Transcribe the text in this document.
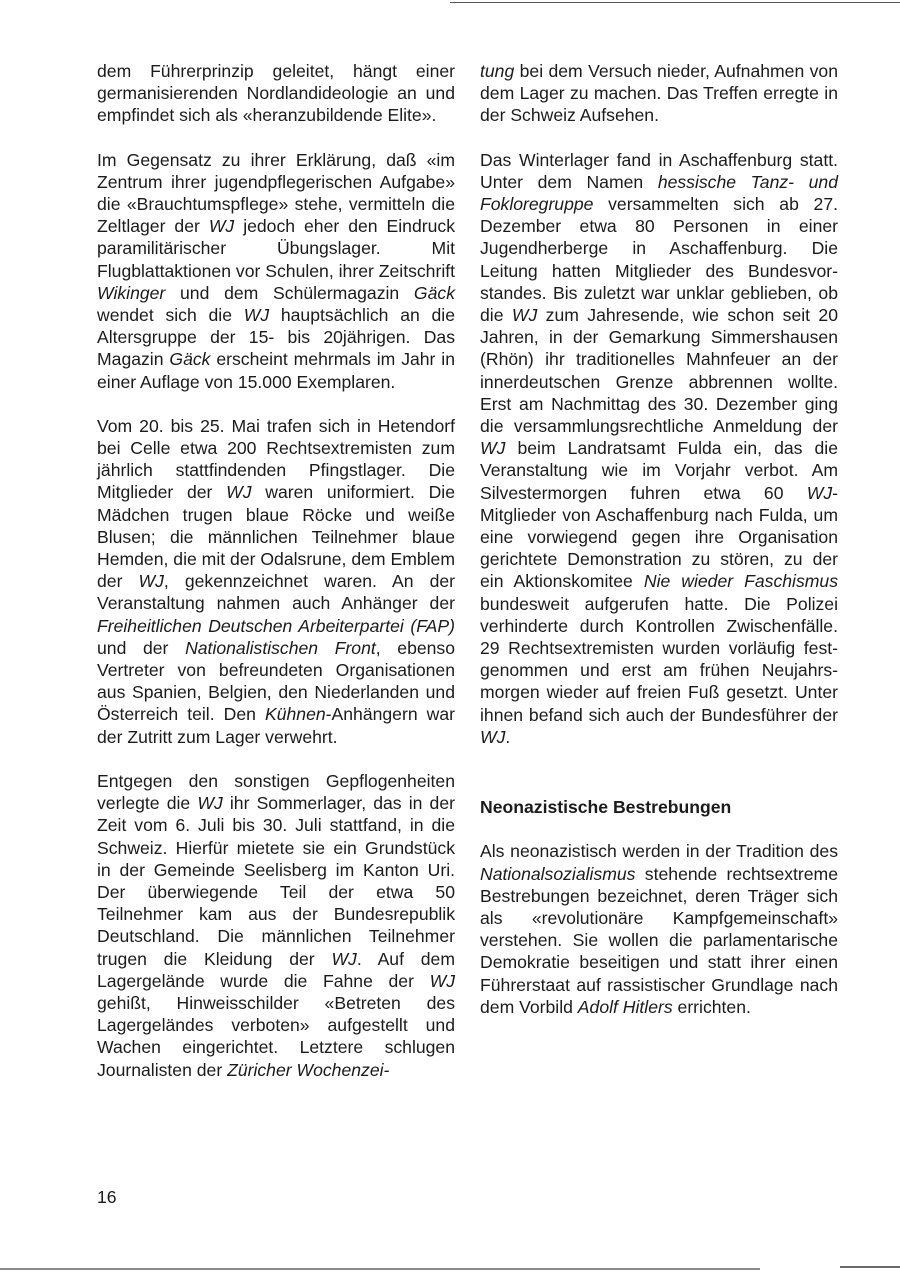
dem Führerprinzip geleitet, hängt einer germanisierenden Nordlandideologie an und empfindet sich als «heranzubildende Elite».

Im Gegensatz zu ihrer Erklärung, daß «im Zentrum ihrer jugendpflegerischen Aufgabe» die «Brauchtumspflege» stehe, vermitteln die Zeltlager der WJ jedoch eher den Eindruck paramilitärischer Übungslager. Mit Flugblattaktionen vor Schulen, ihrer Zeitschrift Wikinger und dem Schülermagazin Gäck wendet sich die WJ hauptsächlich an die Altersgruppe der 15- bis 20jährigen. Das Magazin Gäck erscheint mehrmals im Jahr in einer Auflage von 15.000 Exemplaren.

Vom 20. bis 25. Mai trafen sich in Hetendorf bei Celle etwa 200 Rechtsextremisten zum jährlich stattfindenden Pfingstlager. Die Mitglieder der WJ waren uniformiert. Die Mädchen trugen blaue Röcke und weiße Blusen; die männlichen Teilnehmer blaue Hemden, die mit der Odalsrune, dem Emblem der WJ, gekennzeichnet waren. An der Veranstaltung nahmen auch Anhänger der Freiheitlichen Deutschen Arbeiterpartei (FAP) und der Nationalistischen Front, ebenso Vertreter von befreundeten Organisationen aus Spanien, Belgien, den Niederlanden und Österreich teil. Den Kühnen-Anhängern war der Zutritt zum Lager verwehrt.

Entgegen den sonstigen Gepflogenheiten verlegte die WJ ihr Sommerlager, das in der Zeit vom 6. Juli bis 30. Juli stattfand, in die Schweiz. Hierfür mietete sie ein Grundstück in der Gemeinde Seelisberg im Kanton Uri. Der überwiegende Teil der etwa 50 Teilnehmer kam aus der Bundesrepublik Deutschland. Die männlichen Teilnehmer trugen die Kleidung der WJ. Auf dem Lagergelände wurde die Fahne der WJ gehißt, Hinweisschilder «Betreten des Lagergeländes verboten» aufgestellt und Wachen eingerichtet. Letztere schlugen Journalisten der Züricher Wochenzei-

tung bei dem Versuch nieder, Aufnahmen von dem Lager zu machen. Das Treffen erregte in der Schweiz Aufsehen.

Das Winterlager fand in Aschaffenburg statt. Unter dem Namen hessische Tanz- und Fokloregruppe versammelten sich ab 27. Dezember etwa 80 Personen in einer Jugendherberge in Aschaffenburg. Die Leitung hatten Mitglieder des Bundesvorstandes. Bis zuletzt war unklar geblieben, ob die WJ zum Jahresende, wie schon seit 20 Jahren, in der Gemarkung Simmershausen (Rhön) ihr traditionelles Mahnfeuer an der innerdeutschen Grenze abbrennen wollte. Erst am Nachmittag des 30. Dezember ging die versammlungsrechtliche Anmeldung der WJ beim Landratsamt Fulda ein, das die Veranstaltung wie im Vorjahr verbot. Am Silvestermorgen fuhren etwa 60 WJ-Mitglieder von Aschaffenburg nach Fulda, um eine vorwiegend gegen ihre Organisation gerichtete Demonstration zu stören, zu der ein Aktionskomitee Nie wieder Faschismus bundesweit aufgerufen hatte. Die Polizei verhinderte durch Kontrollen Zwischenfälle. 29 Rechtsextremisten wurden vorläufig festgenommen und erst am frühen Neujahrsmorgen wieder auf freien Fuß gesetzt. Unter ihnen befand sich auch der Bundesführer der WJ.

Neonazistische Bestrebungen

Als neonazistisch werden in der Tradition des Nationalsozialismus stehende rechtsextreme Bestrebungen bezeichnet, deren Träger sich als «revolutionäre Kampfgemeinschaft» verstehen. Sie wollen die parlamentarische Demokratie beseitigen und statt ihrer einen Führerstaat auf rassistischer Grundlage nach dem Vorbild Adolf Hitlers errichten.

16
